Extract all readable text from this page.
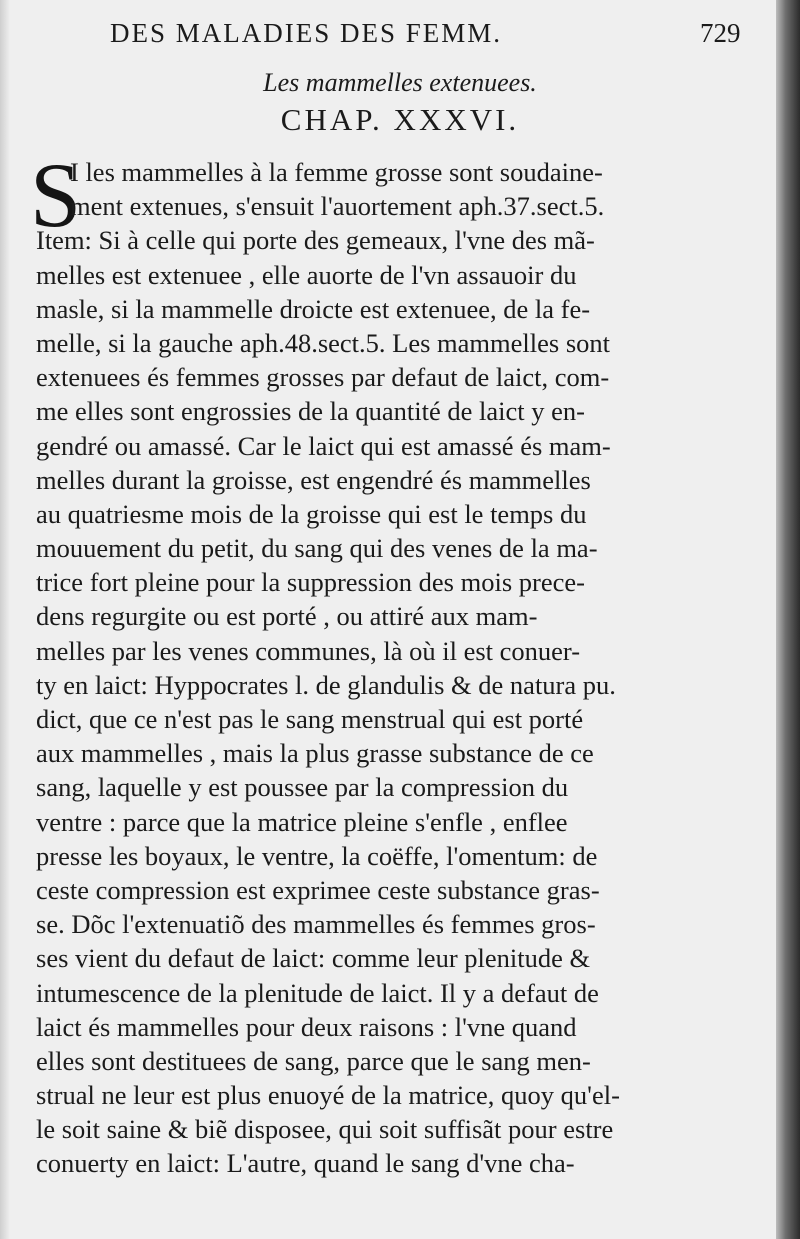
DES MALADIES DES FEMM.	729
Les mammelles extenuees.
CHAP. XXXVI.
S
I les mammelles à la femme grosse sont soudaine-
ment extenues, s'ensuit l'auortement aph.37.sect.5.
Item: Si à celle qui porte des gemeaux, l'vne des mã-
melles est extenuee , elle auorte de l'vn assauoir du
masle, si la mammelle droicte est extenuee, de la fe-
melle, si la gauche aph.48.sect.5. Les mammelles sont
extenuees és femmes grosses par defaut de laict, com-
me elles sont engrossies de la quantité de laict y en-
gendré ou amassé. Car le laict qui est amassé és mam-
melles durant la groisse, est engendré és mammelles
au quatriesme mois de la groisse qui est le temps du
mouuement du petit, du sang qui des venes de la ma-
trice fort pleine pour la suppression des mois prece-
dens regurgite ou est porté , ou attiré aux mam-
melles par les venes communes, là où il est conuer-
ty en laict: Hyppocrates l. de glandulis & de natura pu.
dict, que ce n'est pas le sang menstrual qui est porté
aux mammelles , mais la plus grasse substance de ce
sang, laquelle y est poussee par la compression du
ventre : parce que la matrice pleine s'enfle , enflee
presse les boyaux, le ventre, la coëffe, l'omentum: de
ceste compression est exprimee ceste substance gras-
se. Dõc l'extenuatiõ des mammelles és femmes gros-
ses vient du defaut de laict: comme leur plenitude &
intumescence de la plenitude de laict. Il y a defaut de
laict és mammelles pour deux raisons : l'vne quand
elles sont destituees de sang, parce que le sang men-
strual ne leur est plus enuoyé de la matrice, quoy qu'el-
le soit saine & biẽ disposee, qui soit suffisãt pour estre
conuerty en laict: L'autre, quand le sang d'vne cha-
